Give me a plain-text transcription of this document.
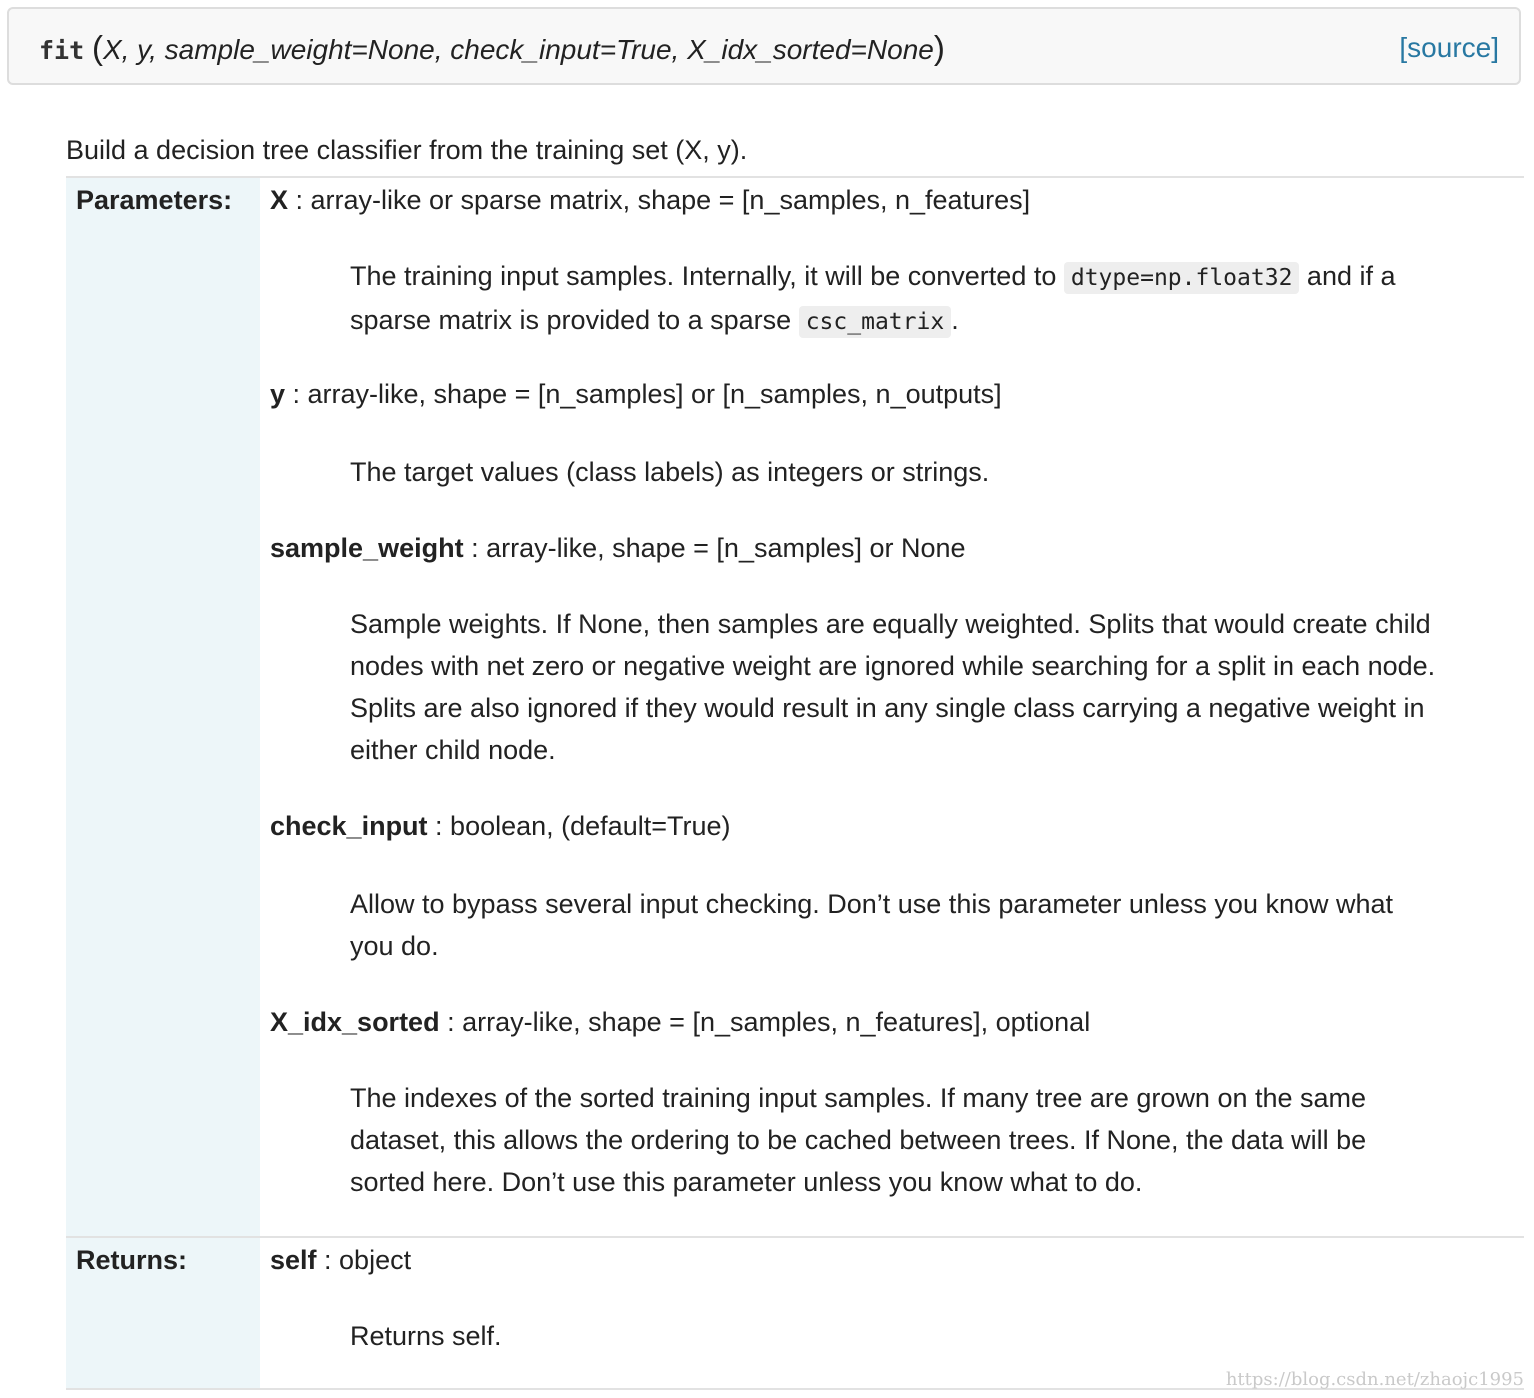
fit (X, y, sample_weight=None, check_input=True, X_idx_sorted=None)	[source]
Build a decision tree classifier from the training set (X, y).
Parameters: X : array-like or sparse matrix, shape = [n_samples, n_features]

The training input samples. Internally, it will be converted to dtype=np.float32 and if a sparse matrix is provided to a sparse csc_matrix .

y : array-like, shape = [n_samples] or [n_samples, n_outputs]

The target values (class labels) as integers or strings.

sample_weight : array-like, shape = [n_samples] or None

Sample weights. If None, then samples are equally weighted. Splits that would create child nodes with net zero or negative weight are ignored while searching for a split in each node. Splits are also ignored if they would result in any single class carrying a negative weight in either child node.

check_input : boolean, (default=True)

Allow to bypass several input checking. Don’t use this parameter unless you know what you do.

X_idx_sorted : array-like, shape = [n_samples, n_features], optional

The indexes of the sorted training input samples. If many tree are grown on the same dataset, this allows the ordering to be cached between trees. If None, the data will be sorted here. Don’t use this parameter unless you know what to do.

Returns:	self : object

Returns self.

https://blog.csdn.net/zhaojc1995
